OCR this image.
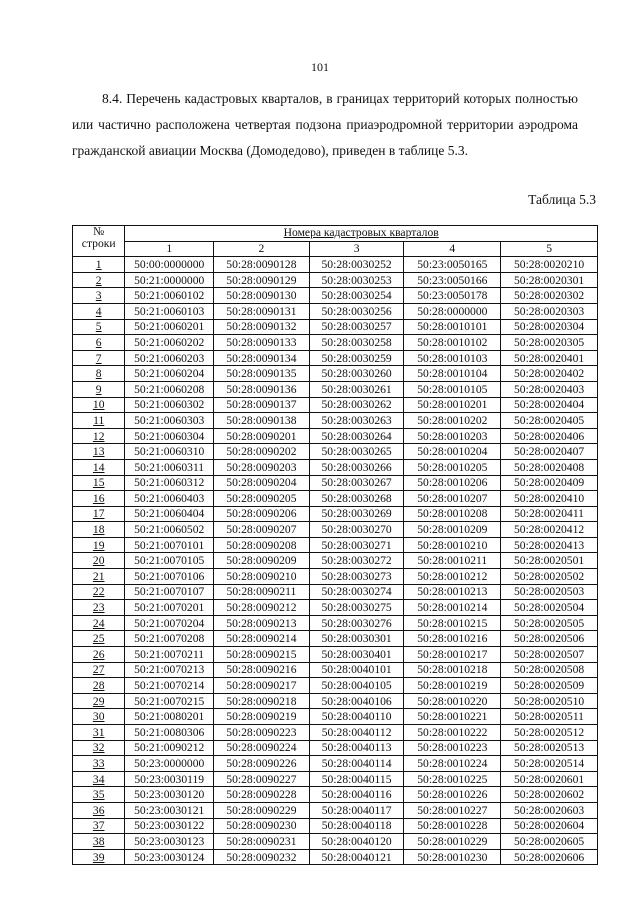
101

8.4. Перечень кадастровых кварталов, в границах территорий которых полностью или частично расположена четвертая подзона приаэродромной территории аэродрома гражданской авиации Москва (Домодедово), приведен в таблице 5.3.

Таблица 5.3
№
строки	Номера кадастровых кварталов				
	1	2	3	4	5
1	50:00:0000000	50:28:0090128	50:28:0030252	50:23:0050165	50:28:0020210
2	50:21:0000000	50:28:0090129	50:28:0030253	50:23:0050166	50:28:0020301
3	50:21:0060102	50:28:0090130	50:28:0030254	50:23:0050178	50:28:0020302
4	50:21:0060103	50:28:0090131	50:28:0030256	50:28:0000000	50:28:0020303
5	50:21:0060201	50:28:0090132	50:28:0030257	50:28:0010101	50:28:0020304
6	50:21:0060202	50:28:0090133	50:28:0030258	50:28:0010102	50:28:0020305
7	50:21:0060203	50:28:0090134	50:28:0030259	50:28:0010103	50:28:0020401
8	50:21:0060204	50:28:0090135	50:28:0030260	50:28:0010104	50:28:0020402
9	50:21:0060208	50:28:0090136	50:28:0030261	50:28:0010105	50:28:0020403
10	50:21:0060302	50:28:0090137	50:28:0030262	50:28:0010201	50:28:0020404
11	50:21:0060303	50:28:0090138	50:28:0030263	50:28:0010202	50:28:0020405
12	50:21:0060304	50:28:0090201	50:28:0030264	50:28:0010203	50:28:0020406
13	50:21:0060310	50:28:0090202	50:28:0030265	50:28:0010204	50:28:0020407
14	50:21:0060311	50:28:0090203	50:28:0030266	50:28:0010205	50:28:0020408
15	50:21:0060312	50:28:0090204	50:28:0030267	50:28:0010206	50:28:0020409
16	50:21:0060403	50:28:0090205	50:28:0030268	50:28:0010207	50:28:0020410
17	50:21:0060404	50:28:0090206	50:28:0030269	50:28:0010208	50:28:0020411
18	50:21:0060502	50:28:0090207	50:28:0030270	50:28:0010209	50:28:0020412
19	50:21:0070101	50:28:0090208	50:28:0030271	50:28:0010210	50:28:0020413
20	50:21:0070105	50:28:0090209	50:28:0030272	50:28:0010211	50:28:0020501
21	50:21:0070106	50:28:0090210	50:28:0030273	50:28:0010212	50:28:0020502
22	50:21:0070107	50:28:0090211	50:28:0030274	50:28:0010213	50:28:0020503
23	50:21:0070201	50:28:0090212	50:28:0030275	50:28:0010214	50:28:0020504
24	50:21:0070204	50:28:0090213	50:28:0030276	50:28:0010215	50:28:0020505
25	50:21:0070208	50:28:0090214	50:28:0030301	50:28:0010216	50:28:0020506
26	50:21:0070211	50:28:0090215	50:28:0030401	50:28:0010217	50:28:0020507
27	50:21:0070213	50:28:0090216	50:28:0040101	50:28:0010218	50:28:0020508
28	50:21:0070214	50:28:0090217	50:28:0040105	50:28:0010219	50:28:0020509
29	50:21:0070215	50:28:0090218	50:28:0040106	50:28:0010220	50:28:0020510
30	50:21:0080201	50:28:0090219	50:28:0040110	50:28:0010221	50:28:0020511
31	50:21:0080306	50:28:0090223	50:28:0040112	50:28:0010222	50:28:0020512
32	50:21:0090212	50:28:0090224	50:28:0040113	50:28:0010223	50:28:0020513
33	50:23:0000000	50:28:0090226	50:28:0040114	50:28:0010224	50:28:0020514
34	50:23:0030119	50:28:0090227	50:28:0040115	50:28:0010225	50:28:0020601
35	50:23:0030120	50:28:0090228	50:28:0040116	50:28:0010226	50:28:0020602
36	50:23:0030121	50:28:0090229	50:28:0040117	50:28:0010227	50:28:0020603
37	50:23:0030122	50:28:0090230	50:28:0040118	50:28:0010228	50:28:0020604
38	50:23:0030123	50:28:0090231	50:28:0040120	50:28:0010229	50:28:0020605
39	50:23:0030124	50:28:0090232	50:28:0040121	50:28:0010230	50:28:0020606
